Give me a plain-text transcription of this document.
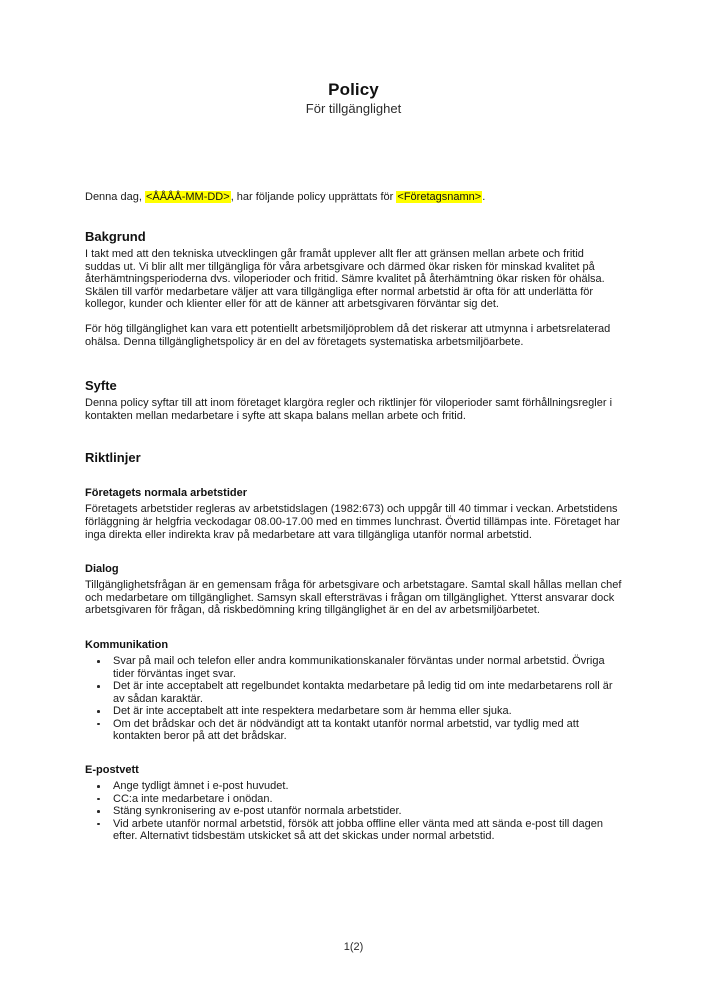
Policy
För tillgänglighet

Denna dag, <ÅÅÅÅ-MM-DD>, har följande policy upprättats för <Företagsnamn>.

Bakgrund

I takt med att den tekniska utvecklingen går framåt upplever allt fler att gränsen mellan arbete och fritid suddas ut. Vi blir allt mer tillgängliga för våra arbetsgivare och därmed ökar risken för minskad kvalitet på återhämtningsperioderna dvs. viloperioder och fritid. Sämre kvalitet på återhämtning ökar risken för ohälsa. Skälen till varför medarbetare väljer att vara tillgängliga efter normal arbetstid är ofta för att underlätta för kollegor, kunder och klienter eller för att de känner att arbetsgivaren förväntar sig det.

För hög tillgänglighet kan vara ett potentiellt arbetsmiljöproblem då det riskerar att utmynna i arbetsrelaterad ohälsa. Denna tillgänglighetspolicy är en del av företagets systematiska arbetsmiljöarbete.

Syfte

Denna policy syftar till att inom företaget klargöra regler och riktlinjer för viloperioder samt förhållningsregler i kontakten mellan medarbetare i syfte att skapa balans mellan arbete och fritid.

Riktlinjer
Företagets normala arbetstider

Företagets arbetstider regleras av arbetstidslagen (1982:673) och uppgår till 40 timmar i veckan. Arbetstidens förläggning är helgfria veckodagar 08.00-17.00 med en timmes lunchrast. Övertid tillämpas inte. Företaget har inga direkta eller indirekta krav på medarbetare att vara tillgängliga utanför normal arbetstid.

Dialog

Tillgänglighetsfrågan är en gemensam fråga för arbetsgivare och arbetstagare. Samtal skall hållas mellan chef och medarbetare om tillgänglighet. Samsyn skall eftersträvas i frågan om tillgänglighet. Ytterst ansvarar dock arbetsgivaren för frågan, då riskbedömning kring tillgänglighet är en del av arbetsmiljöarbetet.

Kommunikation
Svar på mail och telefon eller andra kommunikationskanaler förväntas under normal arbetstid. Övriga tider förväntas inget svar.
Det är inte acceptabelt att regelbundet kontakta medarbetare på ledig tid om inte medarbetarens roll är av sådan karaktär.
Det är inte acceptabelt att inte respektera medarbetare som är hemma eller sjuka.
Om det brådskar och det är nödvändigt att ta kontakt utanför normal arbetstid, var tydlig med att kontakten beror på att det brådskar.
E-postvett
Ange tydligt ämnet i e-post huvudet.
CC:a inte medarbetare i onödan.
Stäng synkronisering av e-post utanför normala arbetstider.
Vid arbete utanför normal arbetstid, försök att jobba offline eller vänta med att sända e-post till dagen efter. Alternativt tidsbestäm utskicket så att det skickas under normal arbetstid.
1(2)
